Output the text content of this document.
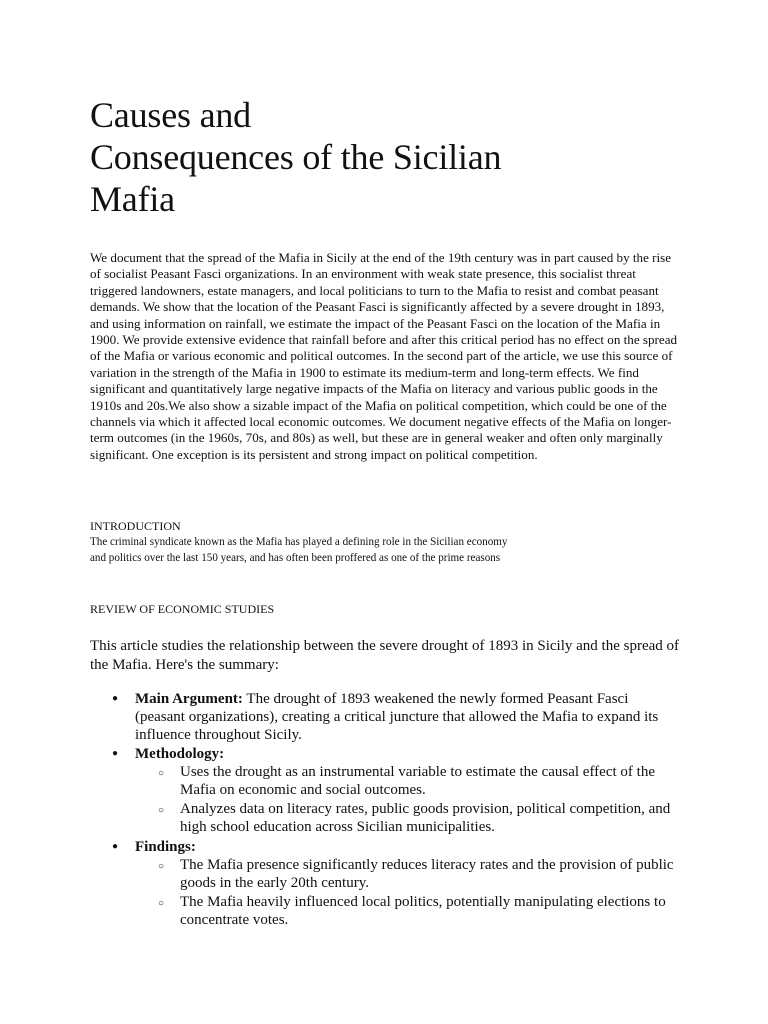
Causes and
Consequences of the Sicilian
Mafia

We document that the spread of the Mafia in Sicily at the end of the 19th century was in part caused by the rise of socialist Peasant Fasci organizations. In an environment with weak state presence, this socialist threat triggered landowners, estate managers, and local politicians to turn to the Mafia to resist and combat peasant demands. We show that the location of the Peasant Fasci is significantly affected by a severe drought in 1893, and using information on rainfall, we estimate the impact of the Peasant Fasci on the location of the Mafia in 1900. We provide extensive evidence that rainfall before and after this critical period has no effect on the spread of the Mafia or various economic and political outcomes. In the second part of the article, we use this source of variation in the strength of the Mafia in 1900 to estimate its medium-term and long-term effects. We find significant and quantitatively large negative impacts of the Mafia on literacy and various public goods in the 1910s and 20s.We also show a sizable impact of the Mafia on political competition, which could be one of the channels via which it affected local economic outcomes. We document negative effects of the Mafia on longer-term outcomes (in the 1960s, 70s, and 80s) as well, but these are in general weaker and often only marginally significant. One exception is its persistent and strong impact on political competition.

INTRODUCTION

The criminal syndicate known as the Mafia has played a defining role in the Sicilian economy
and politics over the last 150 years, and has often been proffered as one of the prime reasons

REVIEW OF ECONOMIC STUDIES

This article studies the relationship between the severe drought of 1893 in Sicily and the spread of the Mafia. Here's the summary:

● Main Argument: The drought of 1893 weakened the newly formed Peasant Fasci (peasant organizations), creating a critical juncture that allowed the Mafia to expand its influence throughout Sicily.
● Methodology:
○ Uses the drought as an instrumental variable to estimate the causal effect of the Mafia on economic and social outcomes.
○ Analyzes data on literacy rates, public goods provision, political competition, and high school education across Sicilian municipalities.
● Findings:
○ The Mafia presence significantly reduces literacy rates and the provision of public goods in the early 20th century.
○ The Mafia heavily influenced local politics, potentially manipulating elections to concentrate votes.
